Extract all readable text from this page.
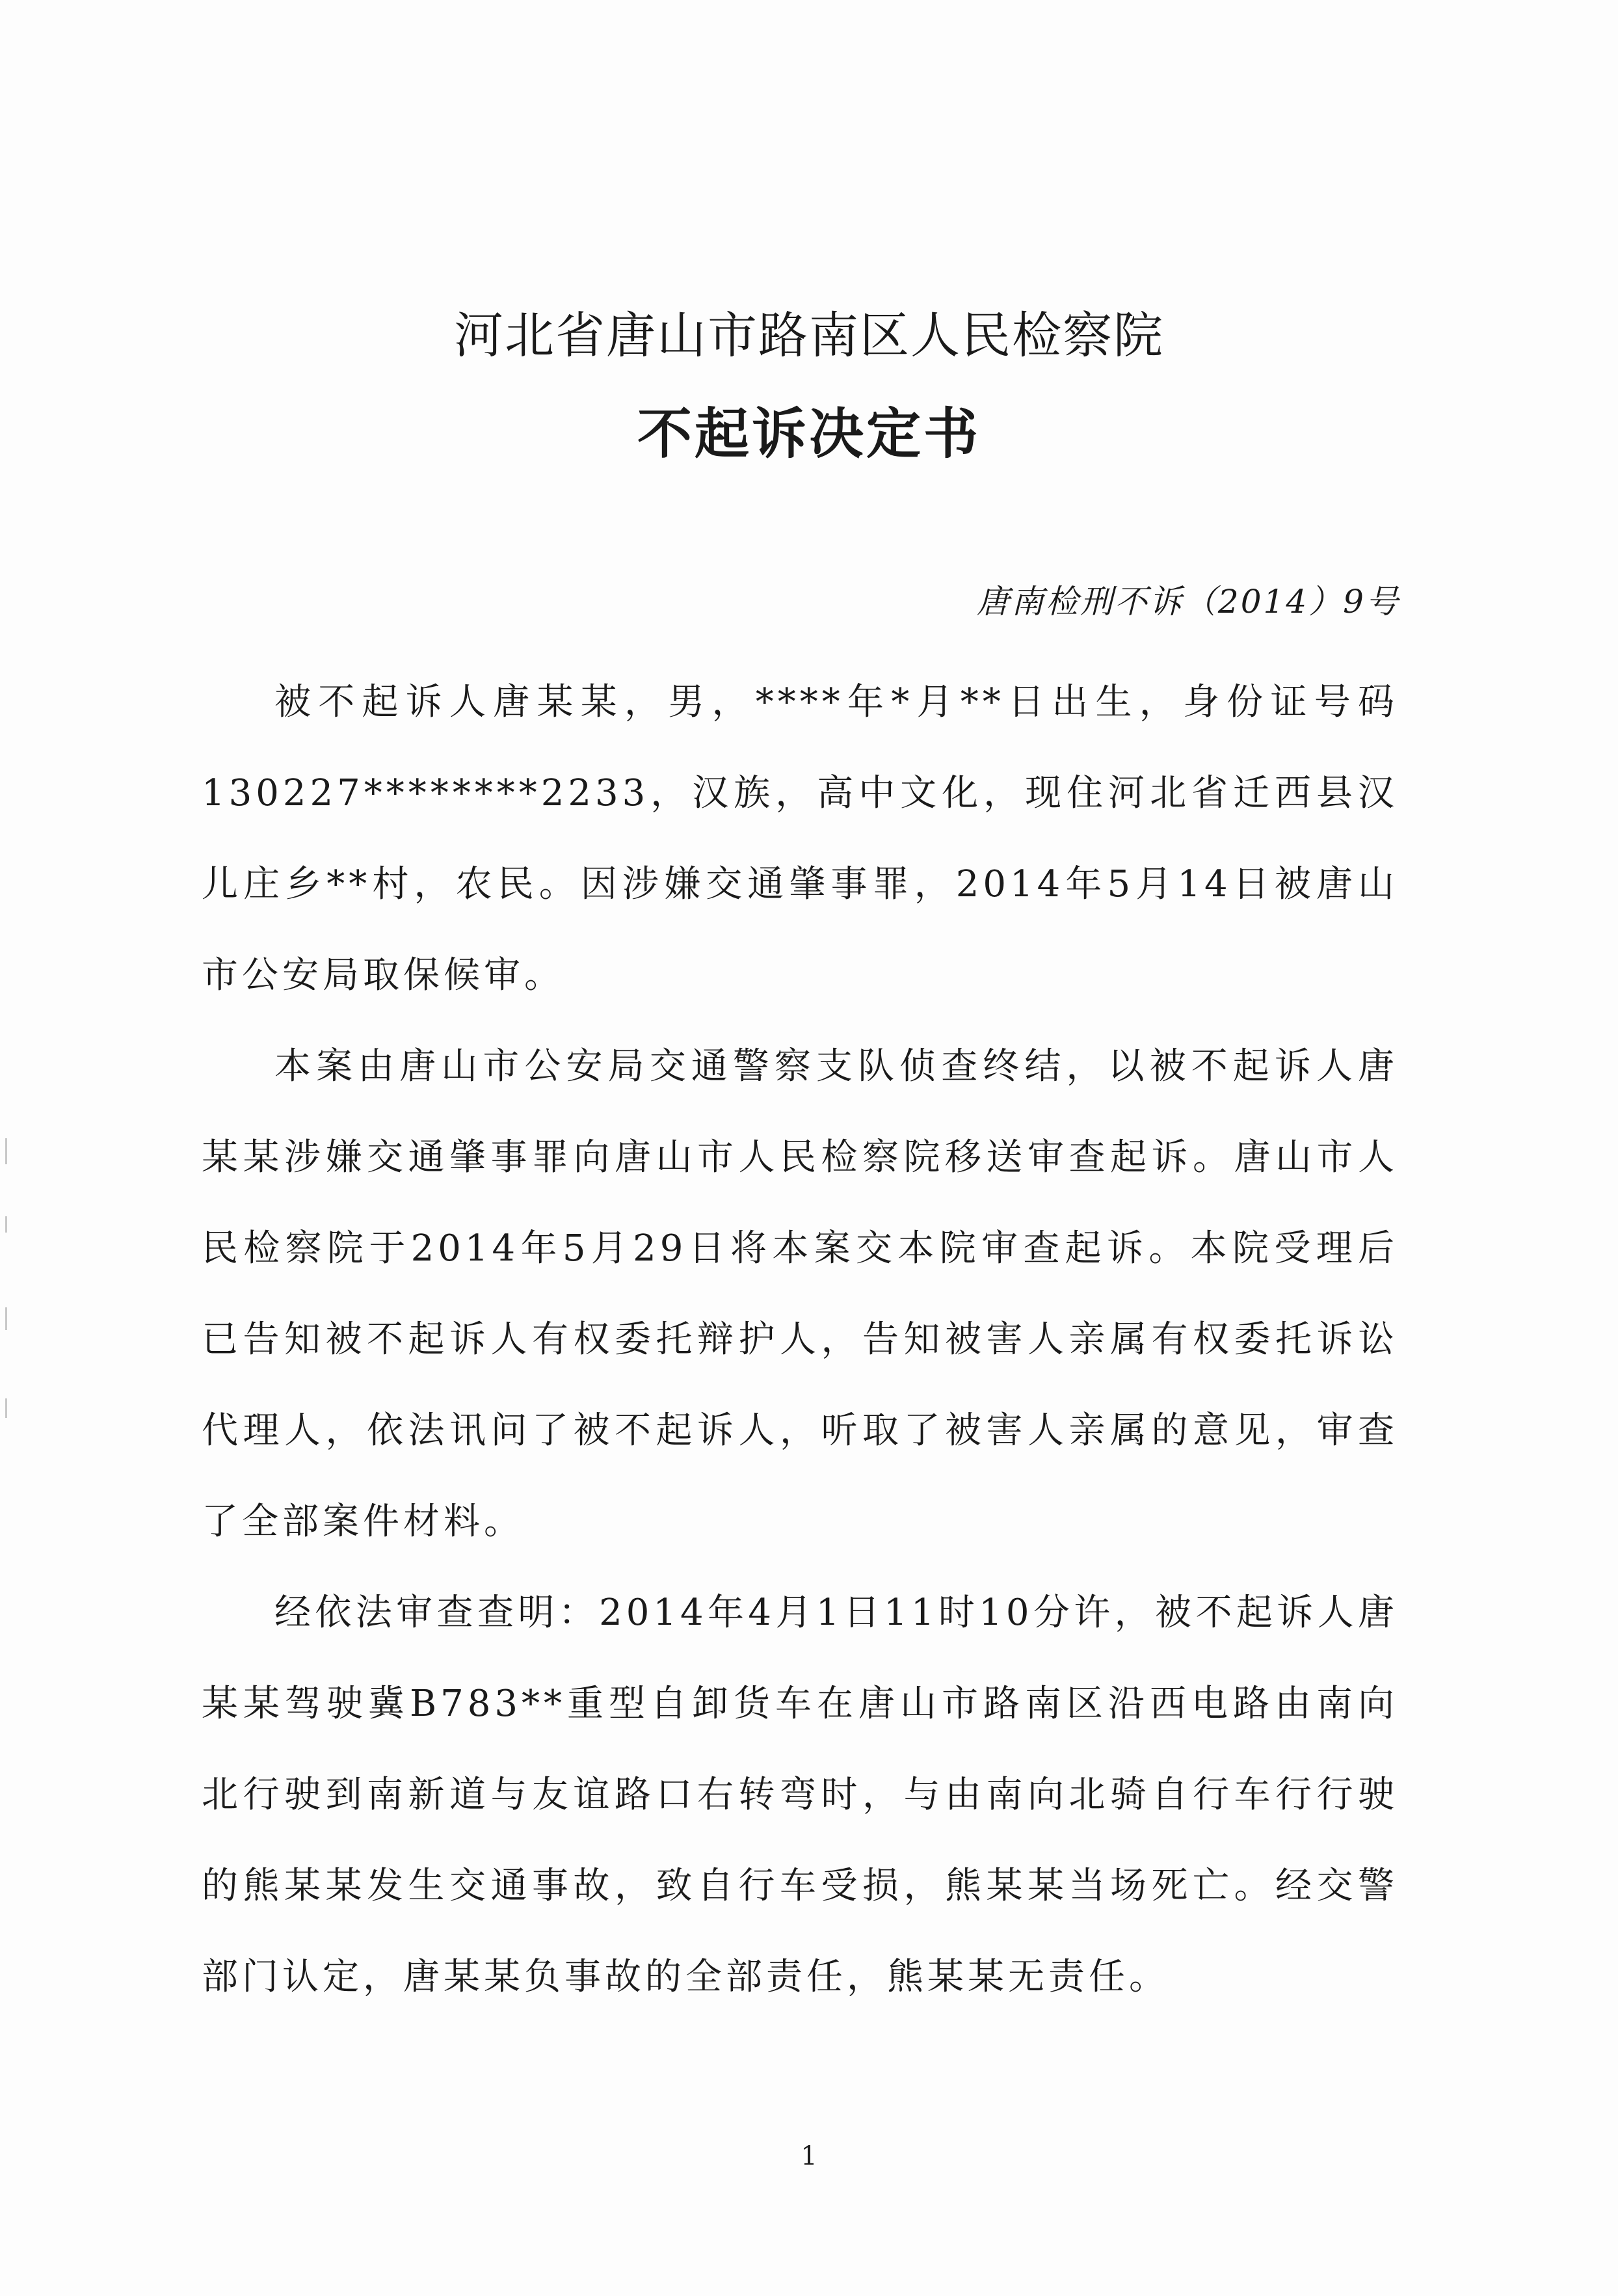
河北省唐山市路南区人民检察院
不起诉决定书
唐南检刑不诉（2014）9号

被不起诉人唐某某，男，****年*月**日出生，身份证号码130227********2233，汉族，高中文化，现住河北省迁西县汉儿庄乡**村，农民。因涉嫌交通肇事罪，2014年5月14日被唐山市公安局取保候审。

本案由唐山市公安局交通警察支队侦查终结，以被不起诉人唐某某涉嫌交通肇事罪向唐山市人民检察院移送审查起诉。唐山市人民检察院于2014年5月29日将本案交本院审查起诉。本院受理后已告知被不起诉人有权委托辩护人，告知被害人亲属有权委托诉讼代理人，依法讯问了被不起诉人，听取了被害人亲属的意见，审查了全部案件材料。

经依法审查查明：2014年4月1日11时10分许，被不起诉人唐某某驾驶冀B783**重型自卸货车在唐山市路南区沿西电路由南向北行驶到南新道与友谊路口右转弯时，与由南向北骑自行车行行驶的熊某某发生交通事故，致自行车受损，熊某某当场死亡。经交警部门认定，唐某某负事故的全部责任，熊某某无责任。

1
